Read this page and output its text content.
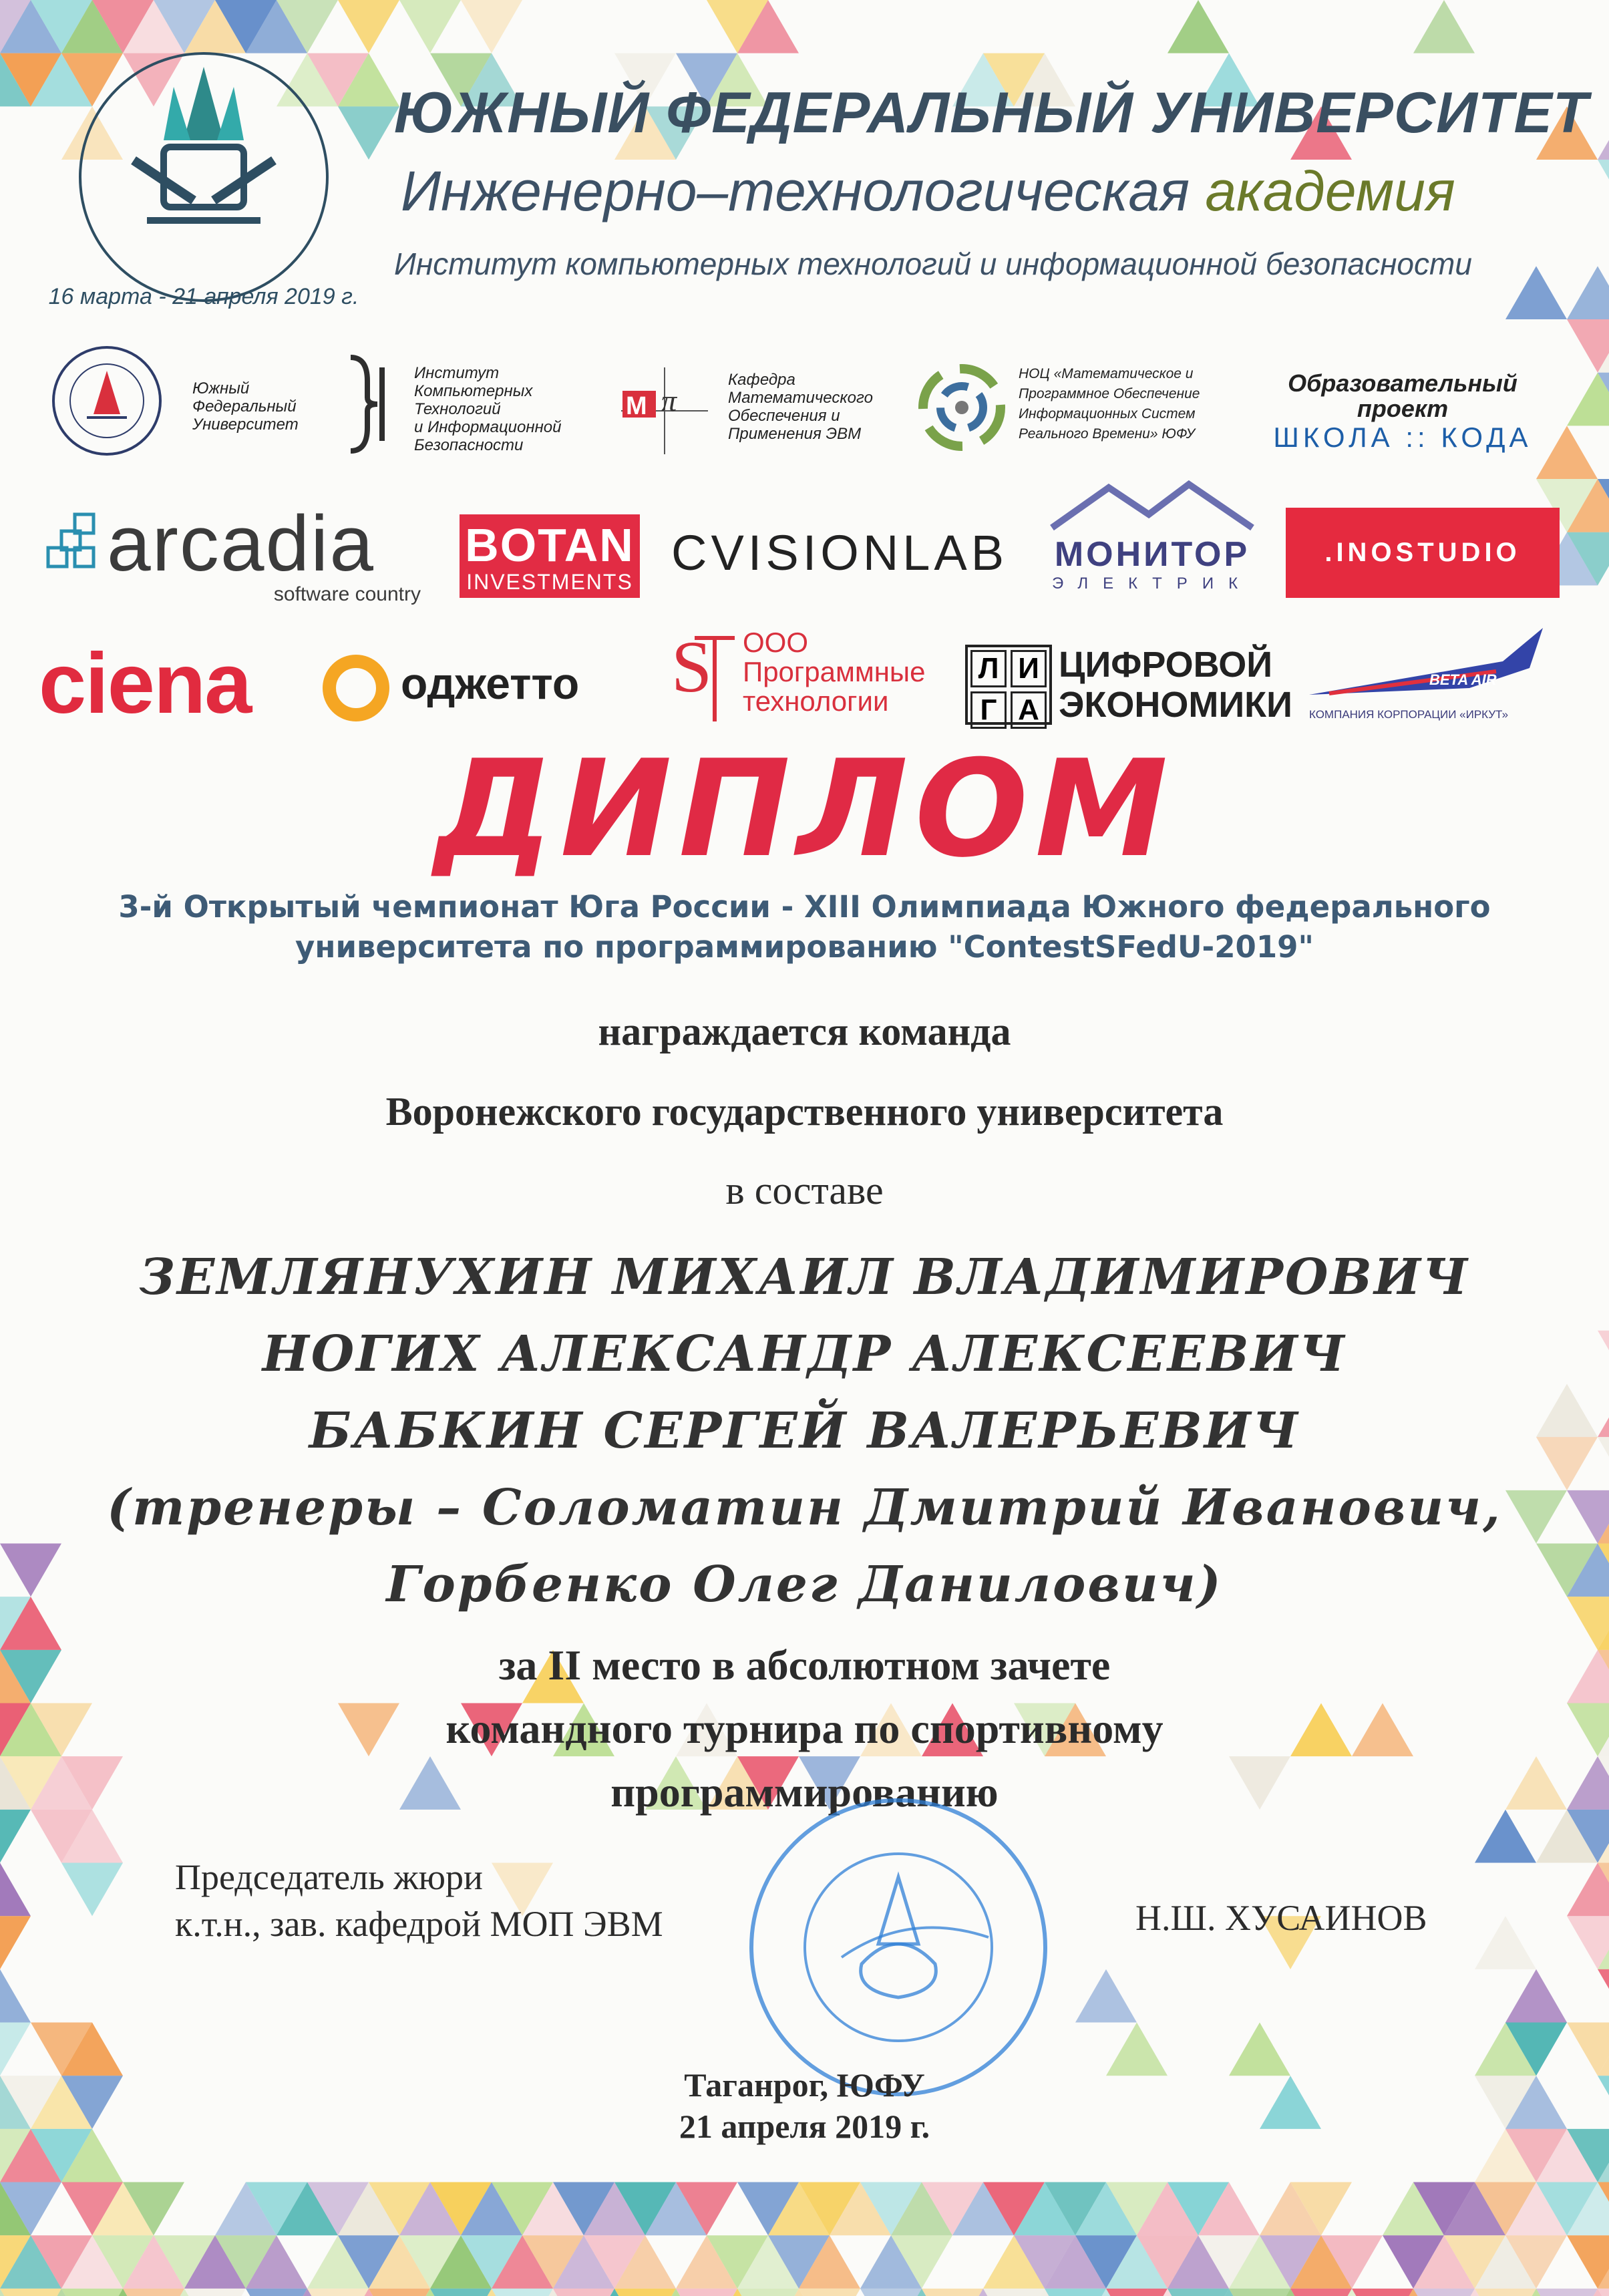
16 марта - 21 апреля 2019 г.
ЮЖНЫЙ ФЕДЕРАЛЬНЫЙ УНИВЕРСИТЕТ
Инженерно–технологическая академия
Институт компьютерных технологий и информационной безопасности
Южный
Федеральный
Университет
Институт
Компьютерных
Технологий
и Информационной
Безопасности
M π
Кафедра
Математического
Обеспечения и
Применения ЭВМ
НОЦ «Математическое и
Программное Обеспечение
Информационных Систем
Реального Времени» ЮФУ
Образовательный
проект
ШКОЛА :: КОДА
arcadia
software country
BOTAN
INVESTMENTS
CVISIONLAB МОНИТОР
ЭЛЕКТРИК
.INOSTUDIO
ciena	оджетто S ООО
Программные
технологии
Л И
Г А
ЦИФРОВОЙ
ЭКОНОМИКИ
BETA AIR
КОМПАНИЯ КОРПОРАЦИИ «ИРКУТ»
ДИПЛОМ
3-й Открытый чемпионат Юга России - XIII Олимпиада Южного федерального
университета по программированию "ContestSFedU-2019"
награждается команда
Воронежского государственного университета
в составе
ЗЕМЛЯНУХИН МИХАИЛ ВЛАДИМИРОВИЧ
НОГИХ АЛЕКСАНДР АЛЕКСЕЕВИЧ
БАБКИН СЕРГЕЙ ВАЛЕРЬЕВИЧ
(тренеры – Соломатин Дмитрий Иванович,
Горбенко Олег Данилович)
за II место в абсолютном зачете
командного турнира по спортивному
программированию
Председатель жюри
к.т.н., зав. кафедрой МОП ЭВМ	Н.Ш. ХУСАИНОВ
Таганрог, ЮФУ
21 апреля 2019 г.
